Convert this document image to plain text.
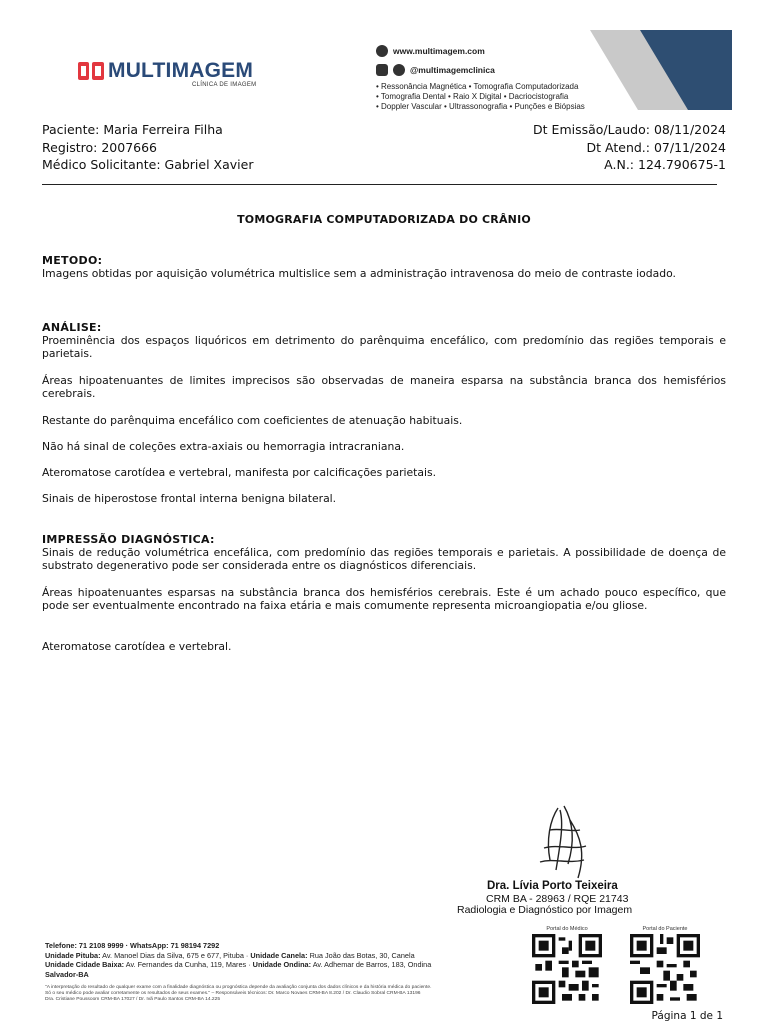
MULTIMAGEM
CLÍNICA DE IMAGEM
www.multimagem.com
@multimagemclinica
• Ressonância Magnética • Tomografia Computadorizada
• Tomografia Dental • Raio X Digital • Dacriocistografia
• Doppler Vascular • Ultrassonografia • Punções e Biópsias
Paciente: Maria Ferreira Filha
Registro: 2007666
Médico Solicitante: Gabriel Xavier
Dt Emissão/Laudo: 08/11/2024
Dt Atend.: 07/11/2024
A.N.: 124.790675-1
TOMOGRAFIA COMPUTADORIZADA DO CRÂNIO
METODO:
Imagens obtidas por aquisição volumétrica multislice sem a administração intravenosa do meio de contraste iodado.
ANÁLISE:
Proeminência dos espaços liquóricos em detrimento do parênquima encefálico, com predomínio das regiões temporais e parietais.
Áreas hipoatenuantes de limites imprecisos são observadas de maneira esparsa na substância branca dos hemisférios cerebrais.
Restante do parênquima encefálico com coeficientes de atenuação habituais.
Não há sinal de coleções extra-axiais ou hemorragia intracraniana.
Ateromatose carotídea e vertebral, manifesta por calcificações parietais.
Sinais de hiperostose frontal interna benigna bilateral.
IMPRESSÃO DIAGNÓSTICA:
Sinais de redução volumétrica encefálica, com predomínio das regiões temporais e parietais. A possibilidade de doença de substrato degenerativo pode ser considerada entre os diagnósticos diferenciais.
Áreas hipoatenuantes esparsas na substância branca dos hemisférios cerebrais. Este é um achado pouco específico, que pode ser eventualmente encontrado na faixa etária e mais comumente representa microangiopatia e/ou gliose.
Ateromatose carotídea e vertebral.
Dra. Lívia Porto Teixeira
CRM BA - 28963 / RQE 21743
Radiologia e Diagnóstico por Imagem
Telefone: 71 2108 9999 · WhatsApp: 71 98194 7292
Unidade Pituba: Av. Manoel Dias da Silva, 675 e 677, Pituba · Unidade Canela: Rua João das Botas, 30, Canela
Unidade Cidade Baixa: Av. Fernandes da Cunha, 119, Mares · Unidade Ondina: Av. Adhemar de Barros, 183, Ondina
Salvador-BA
"A interpretação do resultado de qualquer exame com a finalidade diagnóstica ou prognóstica depende da avaliação conjunta dos dados clínicos e da história médica do paciente.
Só o seu médico pode avaliar corretamente os resultados de seus exames." – Responsáveis técnicos: Dr. Marco Novaes CRM-BA 8.202 / Dr. Claudio Sobral CRM-BA 13196
Dra. Cristiane Poussoom CRM-BA 17027 / Dr. Ivã Paulo Santos CRM-BA 14.225
Portal do Médico	Portal do Paciente
Página 1 de 1
